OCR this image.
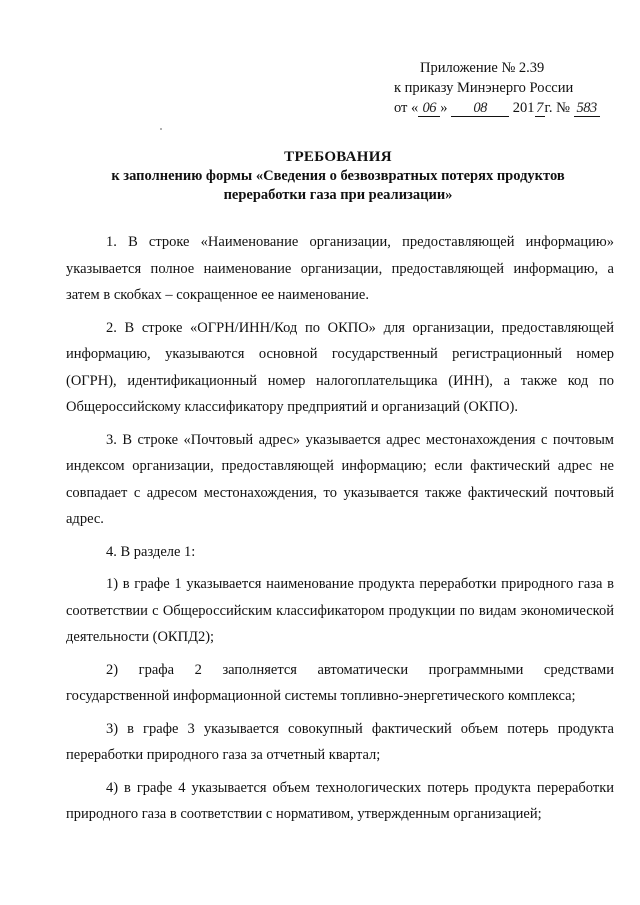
Приложение № 2.39
к приказу Минэнерго России
от « 06 » 08 201 7 г. № 583
ТРЕБОВАНИЯ
к заполнению формы «Сведения о безвозвратных потерях продуктов
переработки газа при реализации»

1. В строке «Наименование организации, предоставляющей информацию» указывается полное наименование организации, предоставляющей информацию, а затем в скобках – сокращенное ее наименование.

2. В строке «ОГРН/ИНН/Код по ОКПО» для организации, предоставляющей информацию, указываются основной государственный регистрационный номер (ОГРН), идентификационный номер налогоплательщика (ИНН), а также код по Общероссийскому классификатору предприятий и организаций (ОКПО).

3. В строке «Почтовый адрес» указывается адрес местонахождения с почтовым индексом организации, предоставляющей информацию; если фактический адрес не совпадает с адресом местонахождения, то указывается также фактический почтовый адрес.

4. В разделе 1:

1) в графе 1 указывается наименование продукта переработки природного газа в соответствии с Общероссийским классификатором продукции по видам экономической деятельности (ОКПД2);

2) графа 2 заполняется автоматически программными средствами государственной информационной системы топливно-энергетического комплекса;

3) в графе 3 указывается совокупный фактический объем потерь продукта переработки природного газа за отчетный квартал;

4) в графе 4 указывается объем технологических потерь продукта переработки природного газа в соответствии с нормативом, утвержденным организацией;
